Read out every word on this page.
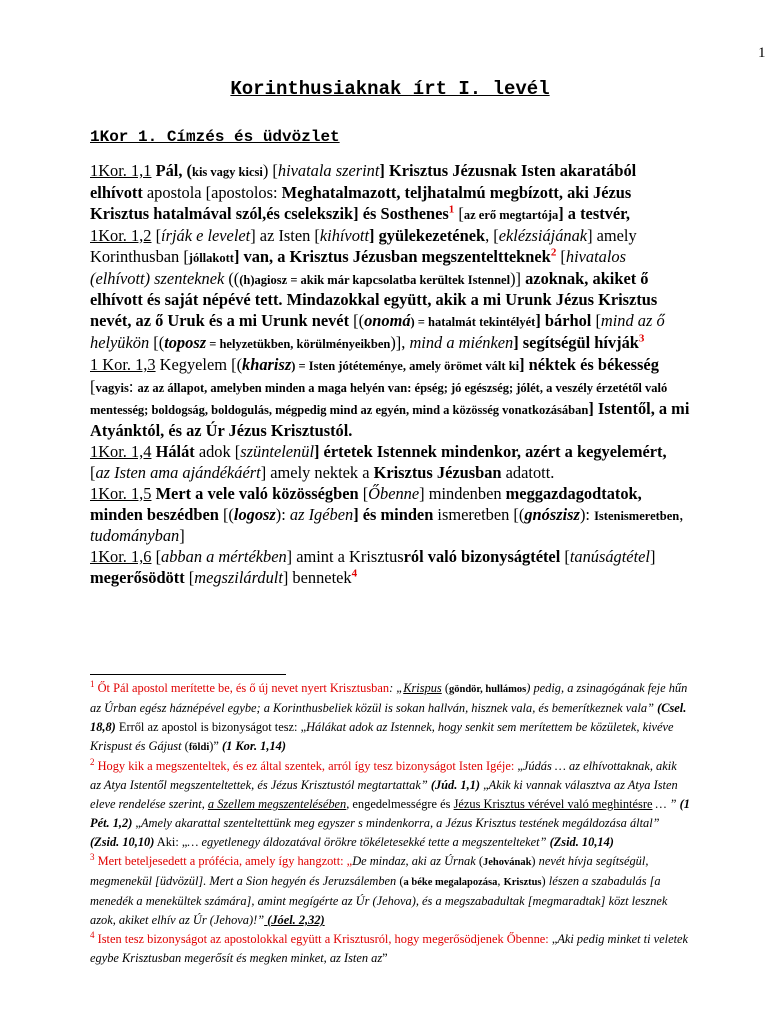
1
Korinthusiaknak írt I. levél
1Kor 1. Címzés és üdvözlet

1Kor. 1,1 Pál, (kis vagy kicsi) [hivatala szerint] Krisztus Jézusnak Isten akaratából elhívott apostola [apostolos: Meghatalmazott, teljhatalmú megbízott, aki Jézus Krisztus hatalmával szól,és cselekszik] és Sosthenes$^1$ [az erő megtartója] a testvér,

1Kor. 1,2 [írják e levelet] az Isten [kihívott] gyülekezetének, [eklézsiájának] amely Korinthusban [jóllakott] van, a Krisztus Jézusban megszenteltteknek$^2$ [hivatalos (elhívott) szenteknek (((h)agiosz = akik már kapcsolatba kerültek Istennel)] azoknak, akiket ő elhívott és saját népévé tett. Mindazokkal együtt, akik a mi Urunk Jézus Krisztus nevét, az ő Uruk és a mi Urunk nevét [(onomá) = hatalmát tekintélyét] bárhol [mind az ő helyükön [(toposz = helyzetükben, körülményeikben)], mind a miénken] segítségül hívják$^3$

1 Kor. 1,3 Kegyelem [(kharisz) = Isten jótéteménye, amely örömet vált ki] néktek és békesség [vagyis: az az állapot, amelyben minden a maga helyén van: épség; jó egészség; jólét, a veszély érzetétől való mentesség; boldogság, boldogulás, mégpedig mind az egyén, mind a közösség vonatkozásában] Istentől, a mi Atyánktól, és az Úr Jézus Krisztustól.

1Kor. 1,4 Hálát adok [szüntelenül] értetek Istennek mindenkor, azért a kegyelemért, [az Isten ama ajándékáért] amely nektek a Krisztus Jézusban adatott.

1Kor. 1,5 Mert a vele való közösségben [Őbenne] mindenben meggazdagodtatok, minden beszédben [(logosz): az Igében] és minden ismeretben [(gnószisz): Istenismeretben, tudományban]

1Kor. 1,6 [abban a mértékben] amint a Krisztusról való bizonyságtétel [tanúságtétel] megerősödött [megszilárdult] bennetek$^4$

$^1$ Őt Pál apostol merítette be, és ő új nevet nyert Krisztusban: „Krispus (göndör, hullámos) pedig, a zsinagógának feje hűn az Úrban egész háznépével egybe; a Korinthusbeliek közül is sokan hallván, hisznek vala, és bemerítkeznek vala” (Csel. 18,8) Erről az apostol is bizonyságot tesz: „Hálákat adok az Istennek, hogy senkit sem merítettem be közületek, kivéve Krispust és Gájust (földi)” (1 Kor. 1,14)

$^2$ Hogy kik a megszenteltek, és ez által szentek, arról így tesz bizonyságot Isten Igéje: „Júdás … az elhívottaknak, akik az Atya Istentől megszenteltettek, és Jézus Krisztustól megtartattak” (Júd. 1,1) „Akik ki vannak választva az Atya Isten eleve rendelése szerint, a Szellem megszentelésében, engedelmességre és Jézus Krisztus vérével való meghintésre … ” (1 Pét. 1,2) „Amely akarattal szenteltettünk meg egyszer s mindenkorra, a Jézus Krisztus testének megáldozása által” (Zsid. 10,10) Aki: „… egyetlenegy áldozatával örökre tökéletesekké tette a megszentelteket” (Zsid. 10,14)

$^3$ Mert beteljesedett a prófécia, amely így hangzott: „De mindaz, aki az Úrnak (Jehovának) nevét hívja segítségül, megmenekül [üdvözül]. Mert a Sion hegyén és Jeruzsálemben (a béke megalapozása, Krisztus) lészen a szabadulás [a menedék a menekültek számára], amint megígérte az Úr (Jehova), és a megszabadultak [megmaradtak] közt lesznek azok, akiket elhív az Úr (Jehova)!” (Jóel. 2,32)

$^4$ Isten tesz bizonyságot az apostolokkal együtt a Krisztusról, hogy megerősödjenek Őbenne: „Aki pedig minket ti veletek egybe Krisztusban megerősít és megken minket, az Isten az”
